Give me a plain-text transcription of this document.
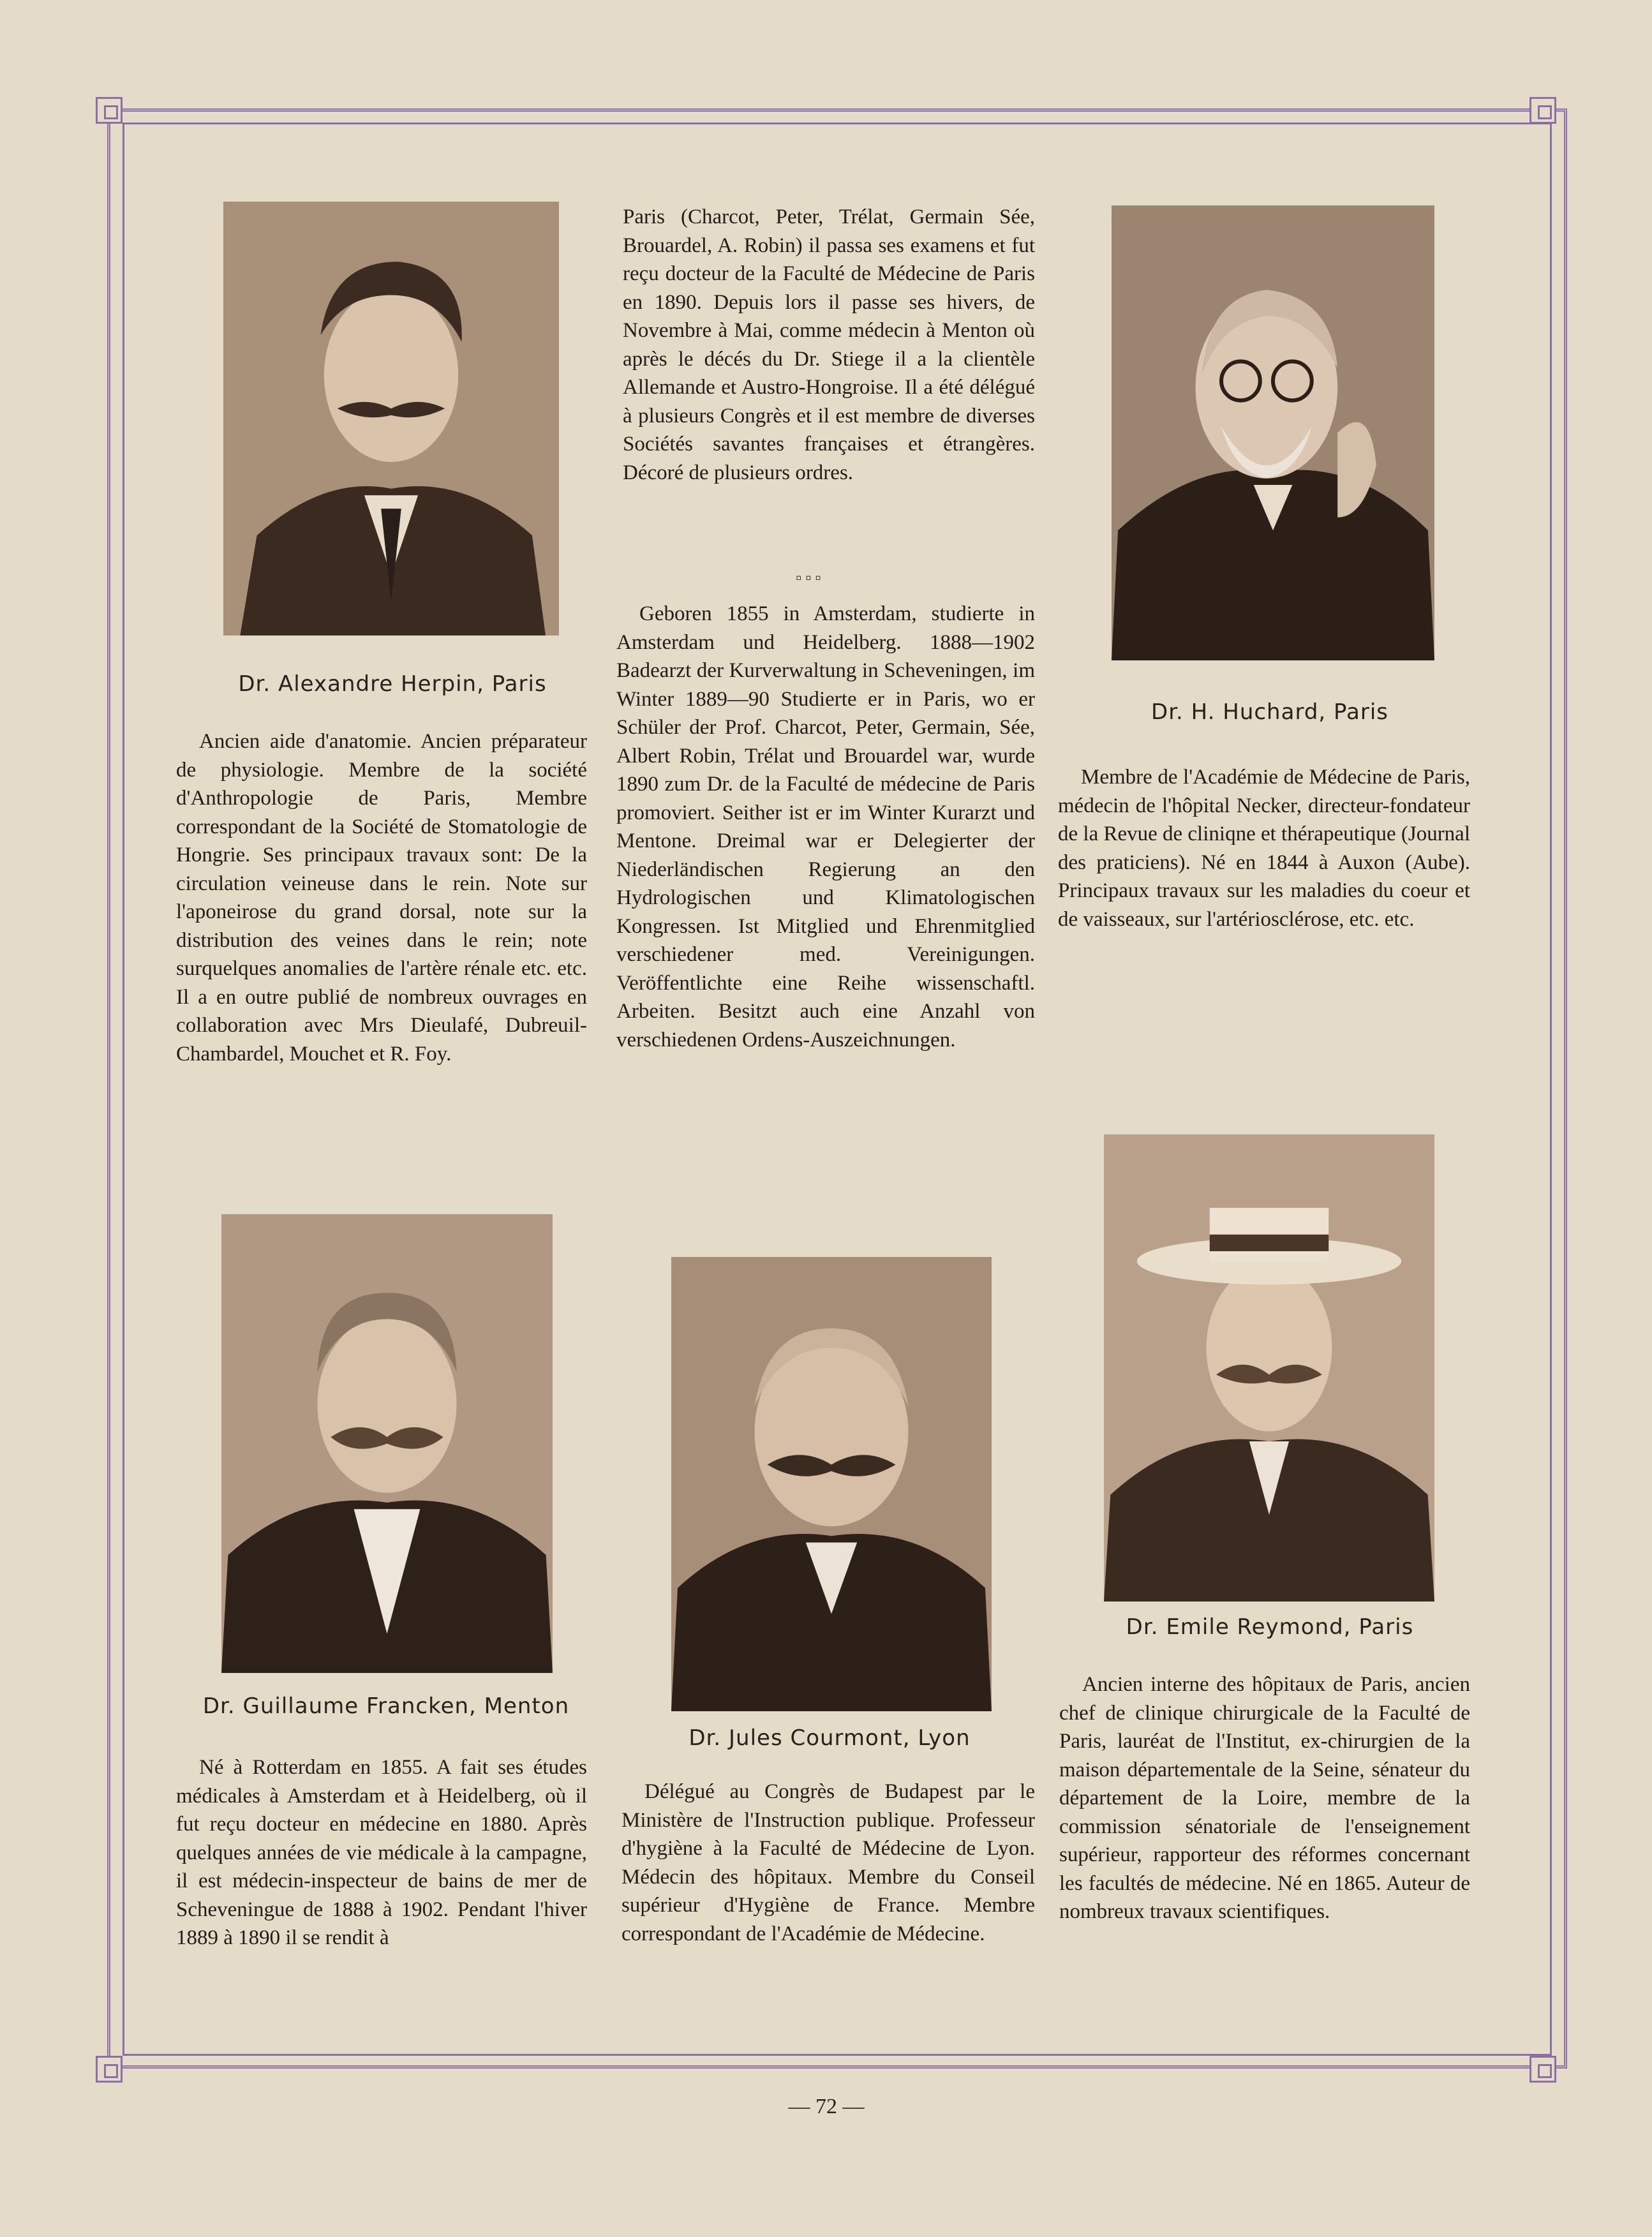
Dr. Alexandre Herpin, Paris

Ancien aide d'anatomie. Ancien préparateur de physiologie. Membre de la société d'Anthropologie de Paris, Membre correspondant de la Société de Stomatologie de Hongrie. Ses principaux travaux sont: De la circulation veineuse dans le rein. Note sur l'aponeirose du grand dorsal, note sur la distribution des veines dans le rein; note surquelques anomalies de l'artère rénale etc. etc. Il a en outre publié de nombreux ouvrages en collaboration avec Mrs Dieulafé, Dubreuil-Chambardel, Mouchet et R. Foy.

Paris (Charcot, Peter, Trélat, Germain Sée, Brouardel, A. Robin) il passa ses examens et fut reçu docteur de la Faculté de Médecine de Paris en 1890. Depuis lors il passe ses hivers, de Novembre à Mai, comme médecin à Menton où après le décés du Dr. Stiege il a la clientèle Allemande et Austro-Hongroise. Il a été délégué à plusieurs Congrès et il est membre de diverses Sociétés savantes françaises et étrangères. Décoré de plusieurs ordres.

▫▫▫

Geboren 1855 in Amsterdam, studierte in Amsterdam und Heidelberg. 1888—1902 Badearzt der Kurverwaltung in Scheveningen, im Winter 1889—90 Studierte er in Paris, wo er Schüler der Prof. Charcot, Peter, Germain, Sée, Albert Robin, Trélat und Brouardel war, wurde 1890 zum Dr. de la Faculté de médecine de Paris promoviert. Seither ist er im Winter Kurarzt und Mentone. Dreimal war er Delegierter der Niederländischen Regierung an den Hydrologischen und Klimatologischen Kongressen. Ist Mitglied und Ehrenmitglied verschiedener med. Vereinigungen. Veröffentlichte eine Reihe wissenschaftl. Arbeiten. Besitzt auch eine Anzahl von verschiedenen Ordens-Auszeichnungen.

Dr. H. Huchard, Paris

Membre de l'Académie de Médecine de Paris, médecin de l'hôpital Necker, directeur-fondateur de la Revue de cliniqne et thérapeutique (Journal des praticiens). Né en 1844 à Auxon (Aube). Principaux travaux sur les maladies du coeur et de vaisseaux, sur l'artériosclérose, etc. etc.

Dr. Guillaume Francken, Menton

Né à Rotterdam en 1855. A fait ses études médicales à Amsterdam et à Heidelberg, où il fut reçu docteur en médecine en 1880. Après quelques années de vie médicale à la campagne, il est médecin-inspecteur de bains de mer de Scheveningue de 1888 à 1902. Pendant l'hiver 1889 à 1890 il se rendit à

Dr. Jules Courmont, Lyon

Délégué au Congrès de Budapest par le Ministère de l'Instruction publique. Professeur d'hygiène à la Faculté de Médecine de Lyon. Médecin des hôpitaux. Membre du Conseil supérieur d'Hygiène de France. Membre correspondant de l'Académie de Médecine.

Dr. Emile Reymond, Paris

Ancien interne des hôpitaux de Paris, ancien chef de clinique chirurgicale de la Faculté de Paris, lauréat de l'Institut, ex-chirurgien de la maison départementale de la Seine, sénateur du département de la Loire, membre de la commission sénatoriale de l'enseignement supérieur, rapporteur des réformes concernant les facultés de médecine. Né en 1865. Auteur de nombreux travaux scientifiques.

— 72 —
